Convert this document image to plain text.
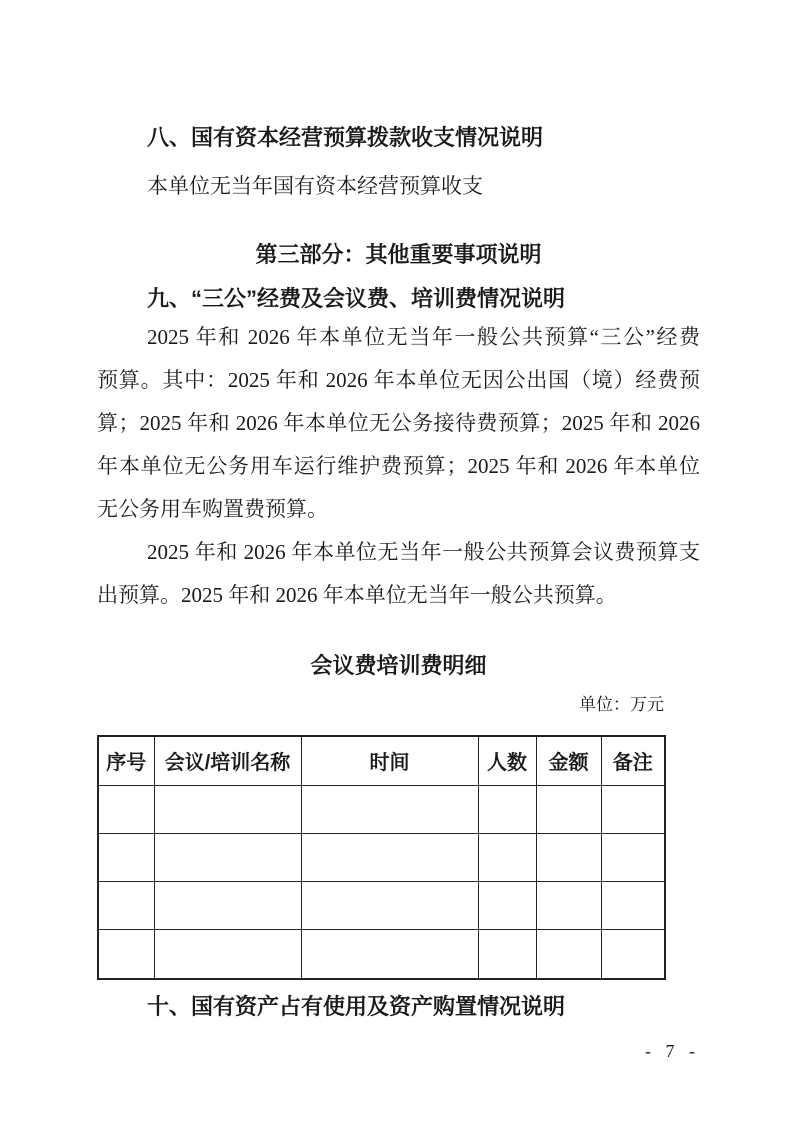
八、国有资本经营预算拨款收支情况说明

本单位无当年国有资本经营预算收支

第三部分：其他重要事项说明
九、“三公”经费及会议费、培训费情况说明
2025 年和 2026 年本单位无当年一般公共预算“三公”经费
预算。其中：2025 年和 2026 年本单位无因公出国（境）经费预
算；2025 年和 2026 年本单位无公务接待费预算；2025 年和 2026
年本单位无公务用车运行维护费预算；2025 年和 2026 年本单位
无公务用车购置费预算。
2025 年和 2026 年本单位无当年一般公共预算会议费预算支
出预算。2025 年和 2026 年本单位无当年一般公共预算。
会议费培训费明细
单位：万元
序号	会议/培训名称	时间	人数	金额	备注

十、国有资产占有使用及资产购置情况说明
- 7 -
